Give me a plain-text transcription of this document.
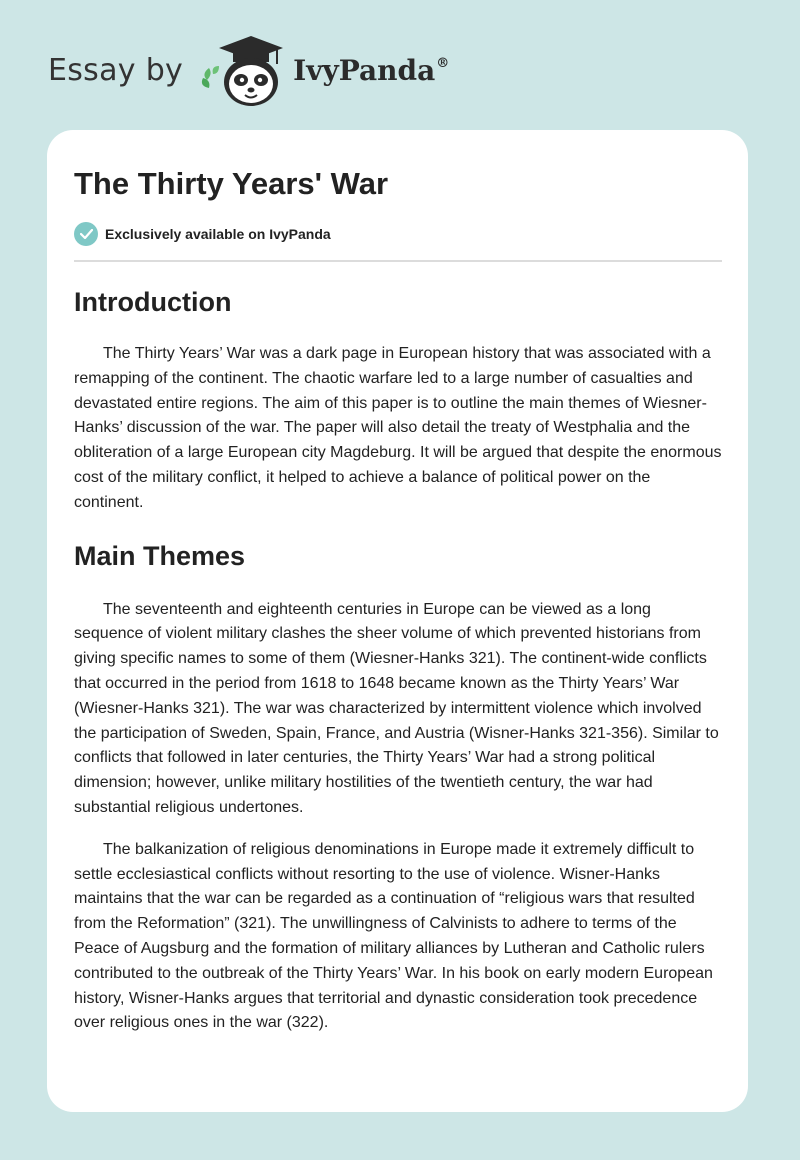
Essay by	IvyPanda®
The Thirty Years' War
Exclusively available on IvyPanda
Introduction

The Thirty Years’ War was a dark page in European history that was associated with a remapping of the continent. The chaotic warfare led to a large number of casualties and devastated entire regions. The aim of this paper is to outline the main themes of Wiesner-Hanks’ discussion of the war. The paper will also detail the treaty of Westphalia and the obliteration of a large European city Magdeburg. It will be argued that despite the enormous cost of the military conflict, it helped to achieve a balance of political power on the continent.

Main Themes

The seventeenth and eighteenth centuries in Europe can be viewed as a long sequence of violent military clashes the sheer volume of which prevented historians from giving specific names to some of them (Wiesner-Hanks 321). The continent-wide conflicts that occurred in the period from 1618 to 1648 became known as the Thirty Years’ War (Wiesner-Hanks 321). The war was characterized by intermittent violence which involved the participation of Sweden, Spain, France, and Austria (Wisner-Hanks 321-356). Similar to conflicts that followed in later centuries, the Thirty Years’ War had a strong political dimension; however, unlike military hostilities of the twentieth century, the war had substantial religious undertones.

The balkanization of religious denominations in Europe made it extremely difficult to settle ecclesiastical conflicts without resorting to the use of violence. Wisner-Hanks maintains that the war can be regarded as a continuation of “religious wars that resulted from the Reformation” (321). The unwillingness of Calvinists to adhere to terms of the Peace of Augsburg and the formation of military alliances by Lutheran and Catholic rulers contributed to the outbreak of the Thirty Years’ War. In his book on early modern European history, Wisner-Hanks argues that territorial and dynastic consideration took precedence over religious ones in the war (322).
